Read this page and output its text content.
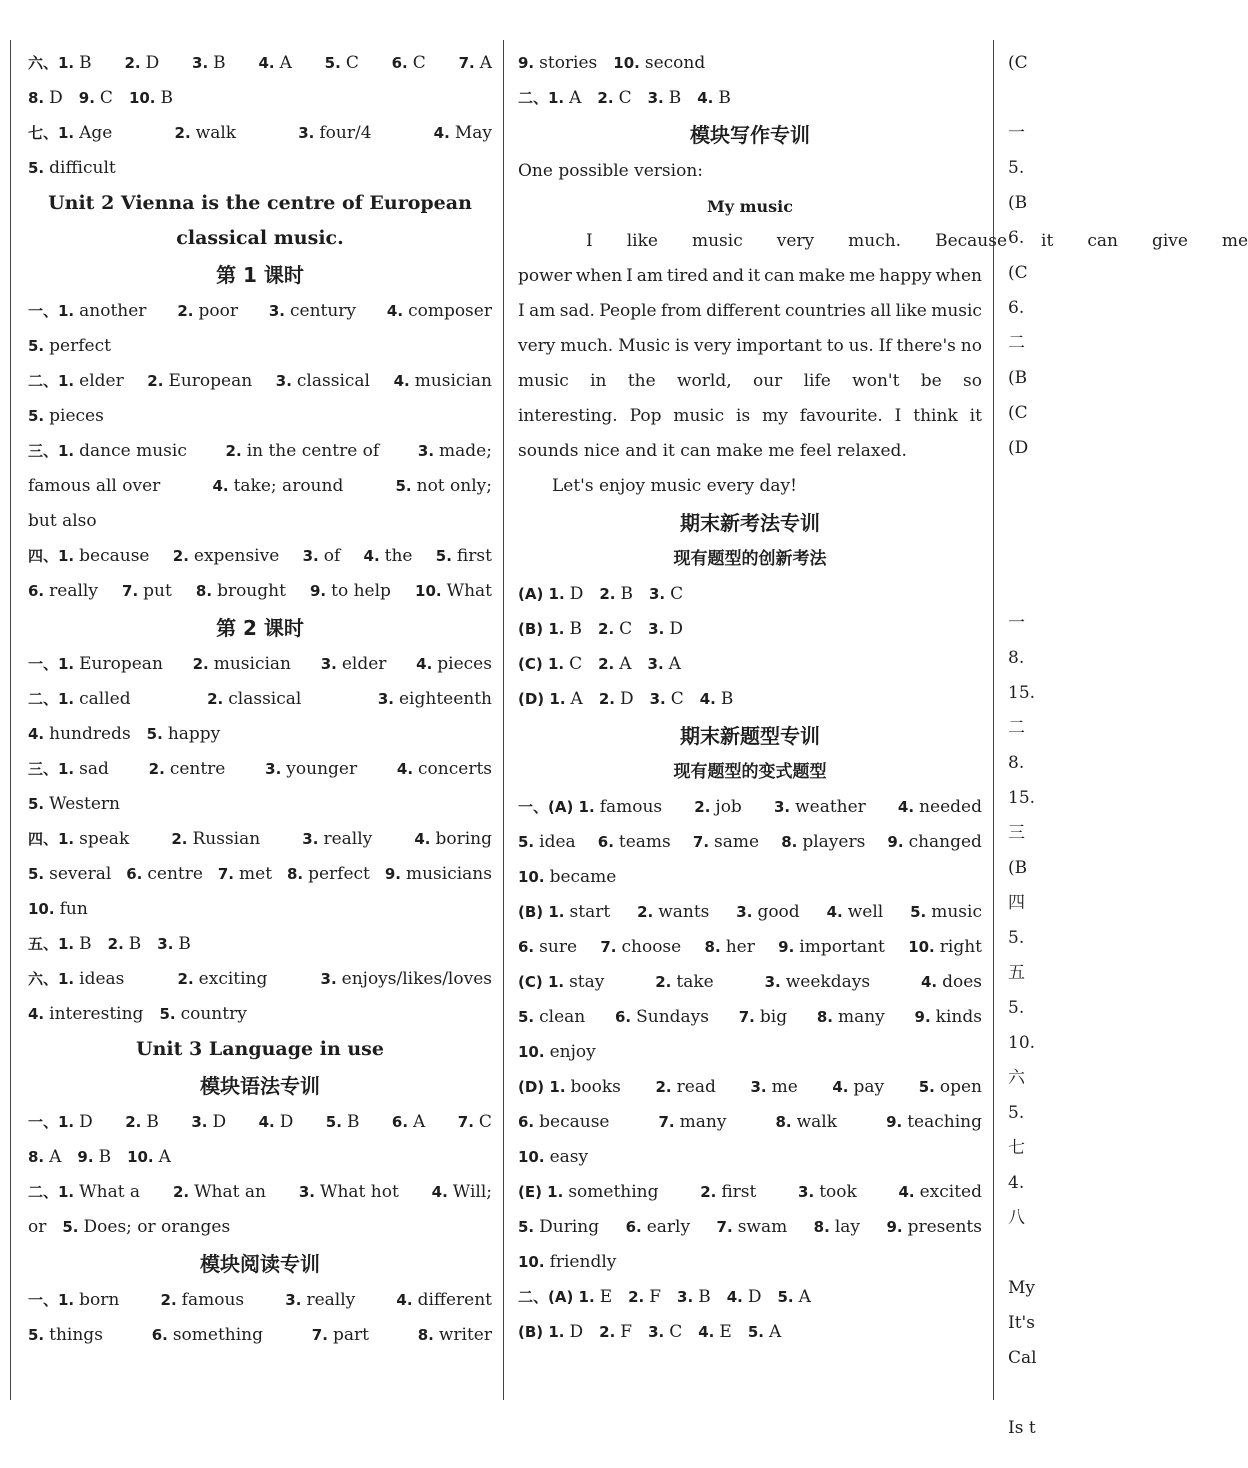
六、1. B 2. D 3. B 4. A 5. C 6. C 7. A
8. D 9. C 10. B
七、1. Age	2. walk	3. four/4	4. May
5. difficult
Unit 2 Vienna is the centre of European
classical music.
第 1 课时
一、1. another 2. poor 3. century 4. composer
5. perfect
二、1. elder 2. European 3. classical 4. musician
5. pieces
三、1. dance music	2. in the centre of	3. made;
famous all over	4. take; around	5. not only;
but also
四、1. because 2. expensive 3. of 4. the 5. first
6. really 7. put 8. brought 9. to help 10. What
第 2 课时
一、1. European 2. musician 3. elder 4. pieces
二、1. called	2. classical	3. eighteenth
4. hundreds 5. happy
三、1. sad	2. centre	3. younger	4. concerts
5. Western
四、1. speak	2. Russian	3. really	4. boring
5. several 6. centre 7. met 8. perfect 9. musicians
10. fun
五、1. B 2. B 3. B
六、1. ideas	2. exciting	3. enjoys/likes/loves
4. interesting 5. country
Unit 3 Language in use
模块语法专训
一、1. D 2. B 3. D 4. D 5. B 6. A 7. C
8. A 9. B 10. A
二、1. What a 2. What an 3. What hot 4. Will;
or 5. Does; or oranges
模块阅读专训
一、1. born	2. famous	3. really	4. different
5. things	6. something	7. part	8. writer
9. stories 10. second
二、1. A 2. C 3. B 4. B
模块写作专训
One possible version:
My music
I	like	music	very	much.	Because	it	can	give	me
power when I am tired and it can make me happy when
I am sad. People from different countries all like music
very much. Music is very important to us. If there's no
music in the world, our life won't be so
interesting. Pop music is my favourite. I think it
sounds nice and it can make me feel relaxed.
Let's enjoy music every day!
期末新考法专训
现有题型的创新考法
(A) 1. D 2. B 3. C
(B) 1. B 2. C 3. D
(C) 1. C 2. A 3. A
(D) 1. A 2. D 3. C 4. B
期末新题型专训
现有题型的变式题型
一、(A) 1. famous 2. job 3. weather 4. needed
5. idea 6. teams 7. same 8. players 9. changed
10. became
(B) 1. start 2. wants 3. good 4. well 5. music
6. sure 7. choose 8. her 9. important 10. right
(C) 1. stay	2. take	3. weekdays	4. does
5. clean 6. Sundays 7. big 8. many 9. kinds
10. enjoy
(D) 1. books 2. read 3. me 4. pay 5. open
6. because	7. many	8. walk	9. teaching
10. easy
(E) 1. something	2. first	3. took	4. excited
5. During 6. early 7. swam 8. lay 9. presents
10. friendly
二、(A) 1. E 2. F 3. B 4. D 5. A
(B) 1. D 2. F 3. C 4. E 5. A
(C
一
5.
(B
6.
(C
6.
二
(B
(C
(D
一
8.
15.
二
8.
15.
三
(B
四
5.
五
5.
10.
六
5.
七
4.
八
My
It's
Cal
Is t
